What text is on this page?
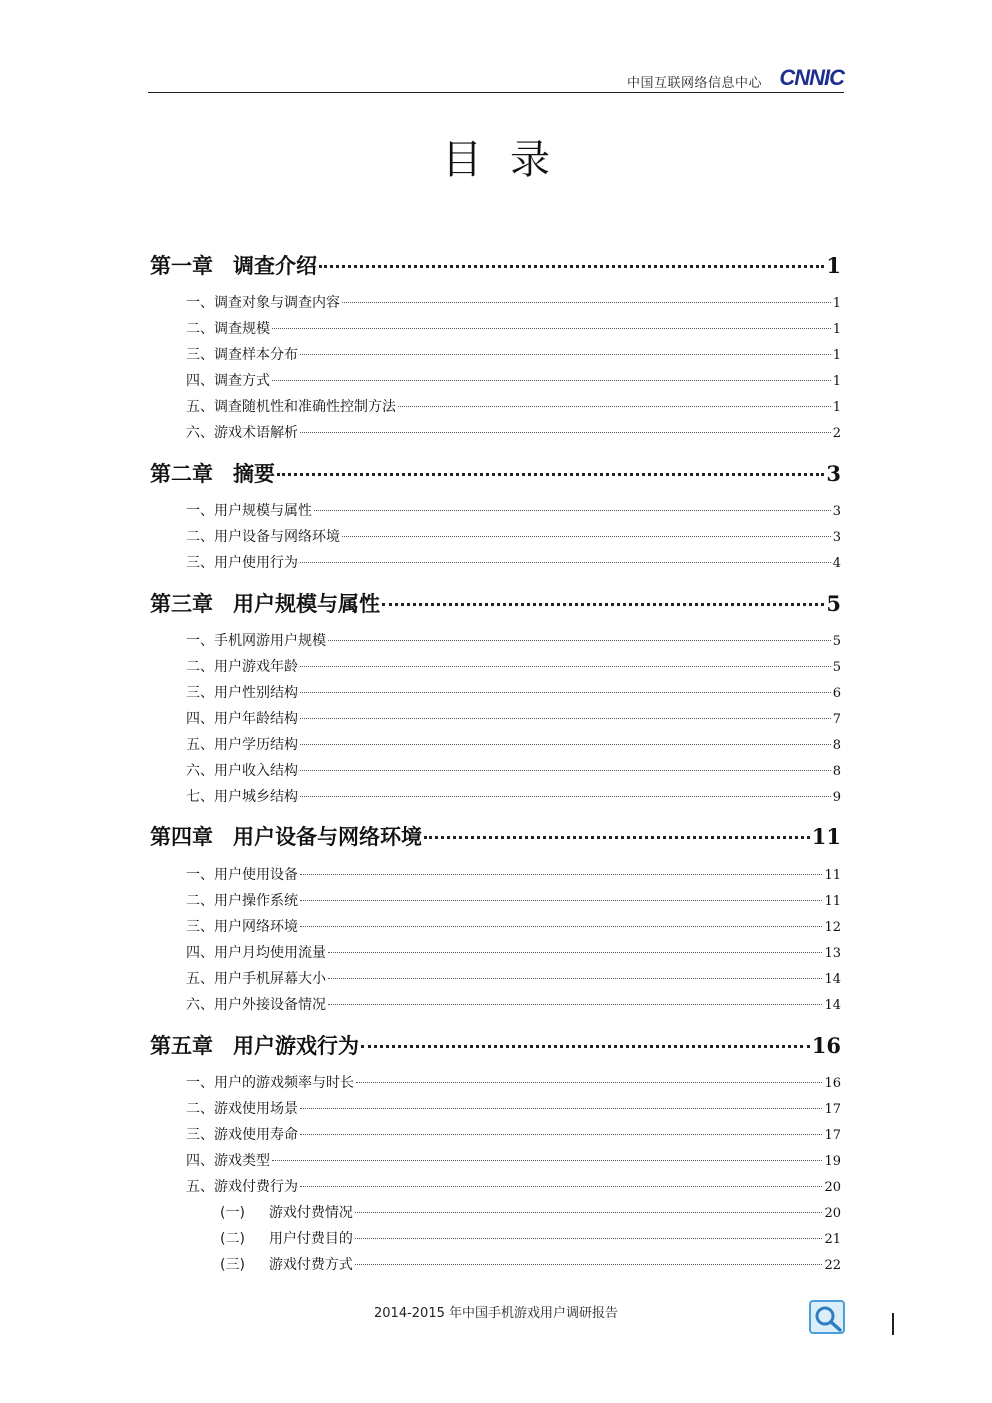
中国互联网络信息中心 CNNIC
目录
第一章 调查介绍	1
一、调查对象与调查内容	1
二、调查规模	1
三、调查样本分布	1
四、调查方式	1
五、调查随机性和准确性控制方法	1
六、游戏术语解析	2
第二章 摘要	3
一、用户规模与属性	3
二、用户设备与网络环境	3
三、用户使用行为	4
第三章 用户规模与属性	5
一、手机网游用户规模	5
二、用户游戏年龄	5
三、用户性别结构	6
四、用户年龄结构	7
五、用户学历结构	8
六、用户收入结构	8
七、用户城乡结构	9
第四章 用户设备与网络环境	11
一、用户使用设备	11
二、用户操作系统	11
三、用户网络环境	12
四、用户月均使用流量	13
五、用户手机屏幕大小	14
六、用户外接设备情况	14
第五章 用户游戏行为	16
一、用户的游戏频率与时长	16
二、游戏使用场景	17
三、游戏使用寿命	17
四、游戏类型	19
五、游戏付费行为	20
(一) 游戏付费情况	20
(二) 用户付费目的	21
(三) 游戏付费方式	22
2014-2015 年中国手机游戏用户调研报告
